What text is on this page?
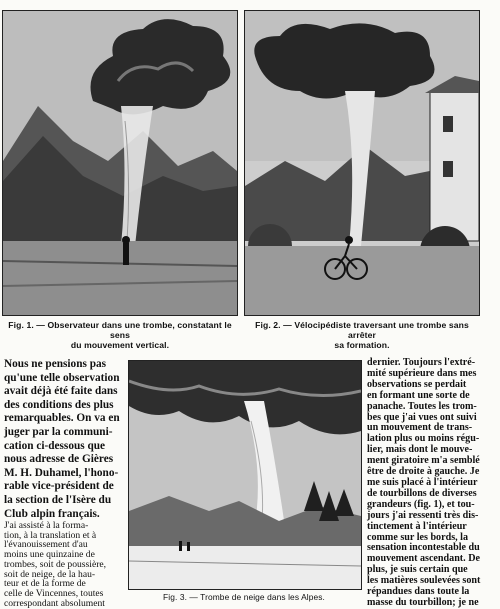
Fig. 1. — Observateur dans une trombe, constatant le sens
du mouvement vertical.
Fig. 2. — Vélocipédiste traversant une trombe sans arrêter
sa formation.
Nous ne pensions pas
qu'une telle observation
avait déjà été faite dans
des conditions des plus
remarquables. On va en
juger par la communi-
cation ci-dessous que
nous adresse de Gières
M. H. Duhamel, l'hono-
rable vice-président de
la section de l'Isère du
Club alpin français.
J'ai assisté à la forma-
tion, à la translation et à
l'évanouissement d'au
moins une quinzaine de
trombes, soit de poussière,
soit de neige, de la hau-
teur et de la forme de
celle de Vincennes, toutes
correspondant absolument
Fig. 3. — Trombe de neige dans les Alpes.
dernier. Toujours l'extré-
mité supérieure dans mes
observations se perdait
en formant une sorte de
panache. Toutes les trom-
bes que j'ai vues ont suivi
un mouvement de trans-
lation plus ou moins régu-
lier, mais dont le mouve-
ment giratoire m'a semblé
être de droite à gauche. Je
me suis placé à l'intérieur
de tourbillons de diverses
grandeurs (fig. 1), et tou-
jours j'ai ressenti très dis-
tinctement à l'intérieur
comme sur les bords, la
sensation incontestable du
mouvement ascendant. De
plus, je suis certain que
les matières soulevées sont
répandues dans toute la
masse du tourbillon; je ne
